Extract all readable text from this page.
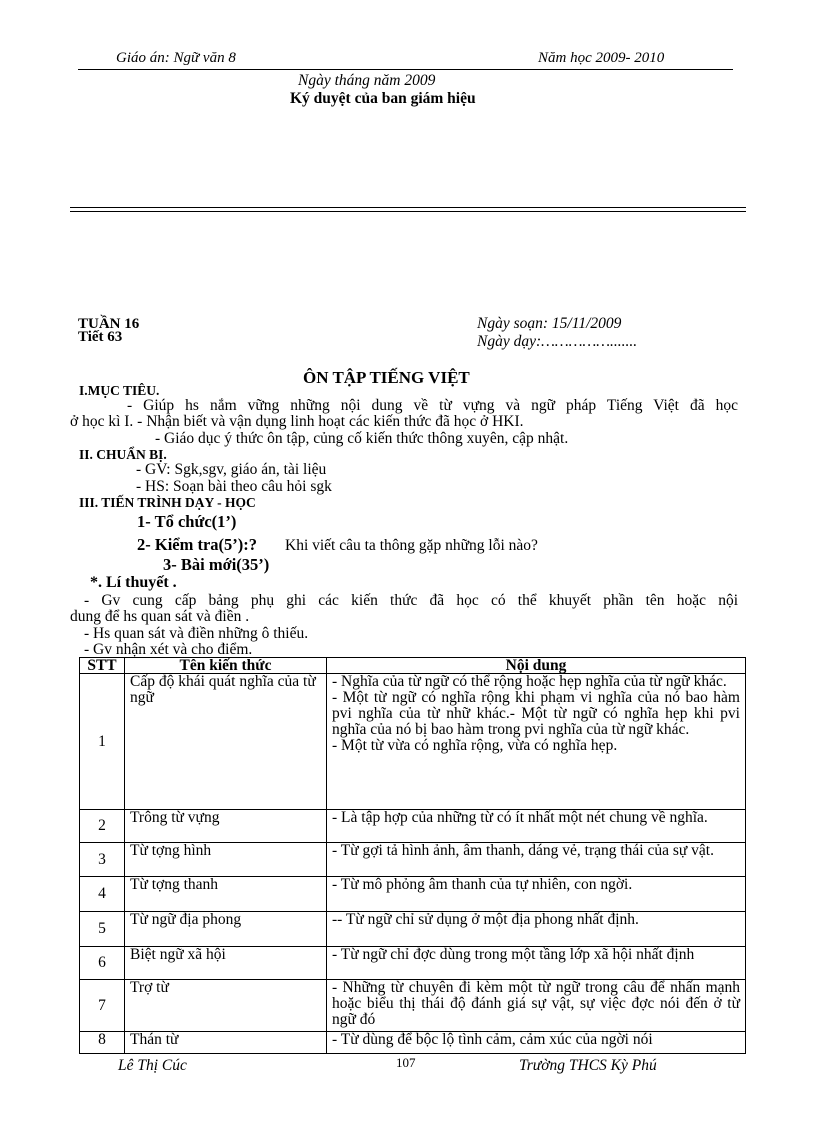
Giáo án: Ngữ văn 8	Năm học 2009- 2010
Ngày tháng năm 2009
Ký duyệt của ban giám hiệu
TUẦN 16
Tiết 63
Ngày soạn: 15/11/2009
Ngày dạy:…………….......
ÔN TẬP TIẾNG VIỆT
I.MỤC TIÊU.
- Giúp hs nắm vững những nội dung về từ vựng và ngữ pháp Tiếng Việt đã học
ở học kì I. - Nhận biết và vận dụng linh hoạt các kiến thức đã học ở HKI.
- Giáo dục ý thức ôn tập, củng cố kiến thức thông xuyên, cập nhật.
II. CHUẨN BỊ.
- GV: Sgk,sgv, giáo án, tài liệu
- HS: Soạn bài theo câu hỏi sgk
III. TIẾN TRÌNH DẠY - HỌC
1- Tổ chức(1’)
2- Kiểm tra(5’):? Khi viết câu ta thông gặp những lỗi nào?
3- Bài mới(35’)
*. Lí thuyết .
- Gv cung cấp bảng phụ ghi các kiến thức đã học có thể khuyết phần tên hoặc nội
dung để hs quan sát và điền .
- Hs quan sát và điền những ô thiếu.
- Gv nhận xét và cho điểm.
STT	Tên kiến thức	Nội dung
1	Cấp độ khái quát nghĩa của từ ngữ	- Nghĩa của từ ngữ có thể rộng hoặc hẹp nghĩa của từ ngữ khác.
- Một từ ngữ có nghĩa rộng khi phạm vi nghĩa của nó bao hàm pvi nghĩa của từ nhữ khác.- Một từ ngữ có nghĩa hẹp khi pvi nghĩa của nó bị bao hàm trong pvi nghĩa của từ ngữ khác.
- Một từ vừa có nghĩa rộng, vừa có nghĩa hẹp.

2	Trông từ vựng	- Là tập hợp của những từ có ít nhất một nét chung về nghĩa.
3	Từ tợng hình	- Từ gợi tả hình ảnh, âm thanh, dáng vẻ, trạng thái của sự vật.
4	Từ tợng thanh	- Từ mô phỏng âm thanh của tự nhiên, con ngời.
5	Từ ngữ địa phong	-- Từ ngữ chỉ sử dụng ở một địa phong nhất định.
6	Biệt ngữ xã hội	- Từ ngữ chỉ đợc dùng trong một tầng lớp xã hội nhất định
7	Trợ từ	- Những từ chuyên đi kèm một từ ngữ trong câu để nhấn mạnh hoặc biểu thị thái độ đánh giá sự vật, sự việc đợc nói đến ở từ ngữ đó
8	Thán từ	- Từ dùng để bộc lộ tình cảm, cảm xúc của ngời nói
Lê Thị Cúc	107	Trường THCS Kỳ Phú
